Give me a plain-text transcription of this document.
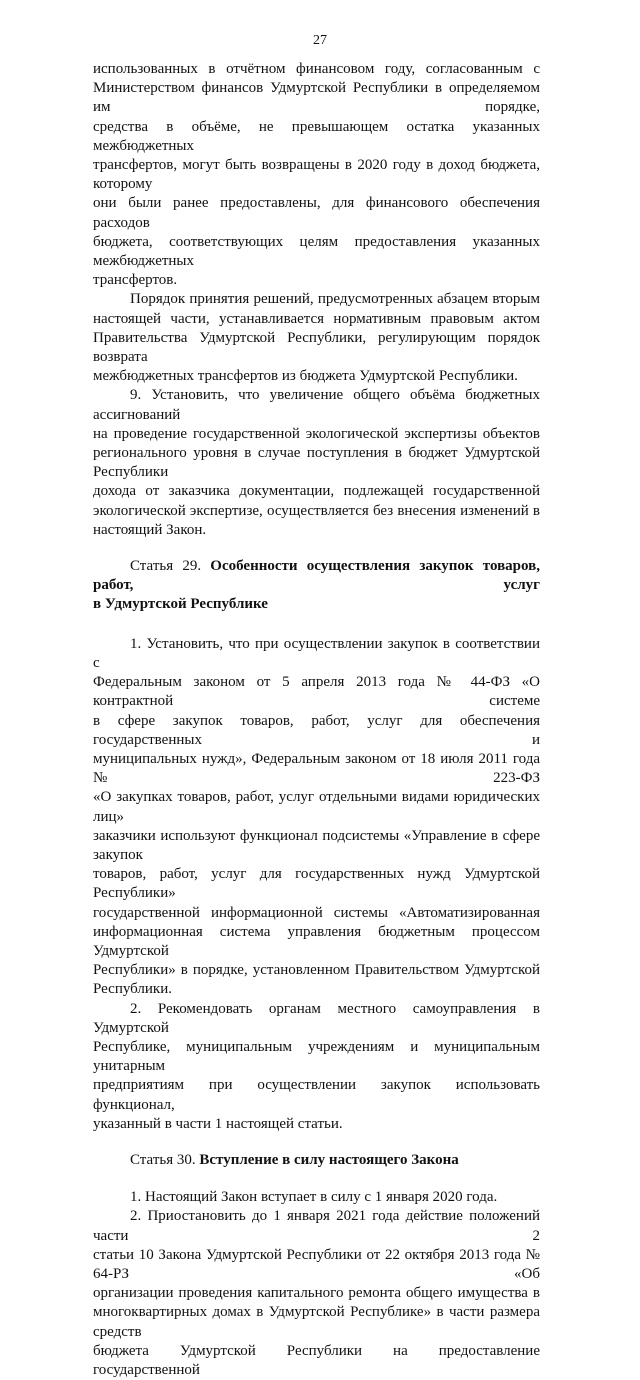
27

использованных в отчётном финансовом году, согласованным с

Министерством финансов Удмуртской Республики в определяемом им порядке,

средства в объёме, не превышающем остатка указанных межбюджетных

трансфертов, могут быть возвращены в 2020 году в доход бюджета, которому

они были ранее предоставлены, для финансового обеспечения расходов

бюджета, соответствующих целям предоставления указанных межбюджетных

трансфертов.

Порядок принятия решений, предусмотренных абзацем вторым

настоящей части, устанавливается нормативным правовым актом

Правительства Удмуртской Республики, регулирующим порядок возврата

межбюджетных трансфертов из бюджета Удмуртской Республики.

9. Установить, что увеличение общего объёма бюджетных ассигнований

на проведение государственной экологической экспертизы объектов

регионального уровня в случае поступления в бюджет Удмуртской Республики

дохода от заказчика документации, подлежащей государственной

экологической экспертизе, осуществляется без внесения изменений в

настоящий Закон.

Статья 29. Особенности осуществления закупок товаров, работ, услуг

в Удмуртской Республике

1. Установить, что при осуществлении закупок в соответствии с

Федеральным законом от 5 апреля 2013 года № 44-ФЗ «О контрактной системе

в сфере закупок товаров, работ, услуг для обеспечения государственных и

муниципальных нужд», Федеральным законом от 18 июля 2011 года № 223-ФЗ

«О закупках товаров, работ, услуг отдельными видами юридических лиц»

заказчики используют функционал подсистемы «Управление в сфере закупок

товаров, работ, услуг для государственных нужд Удмуртской Республики»

государственной информационной системы «Автоматизированная

информационная система управления бюджетным процессом Удмуртской

Республики» в порядке, установленном Правительством Удмуртской

Республики.

2. Рекомендовать органам местного самоуправления в Удмуртской

Республике, муниципальным учреждениям и муниципальным унитарным

предприятиям при осуществлении закупок использовать функционал,

указанный в части 1 настоящей статьи.

Статья 30. Вступление в силу настоящего Закона

1. Настоящий Закон вступает в силу с 1 января 2020 года.

2. Приостановить до 1 января 2021 года действие положений части 2

статьи 10 Закона Удмуртской Республики от 22 октября 2013 года № 64-РЗ «Об

организации проведения капитального ремонта общего имущества в

многоквартирных домах в Удмуртской Республике» в части размера средств

бюджета Удмуртской Республики на предоставление государственной
